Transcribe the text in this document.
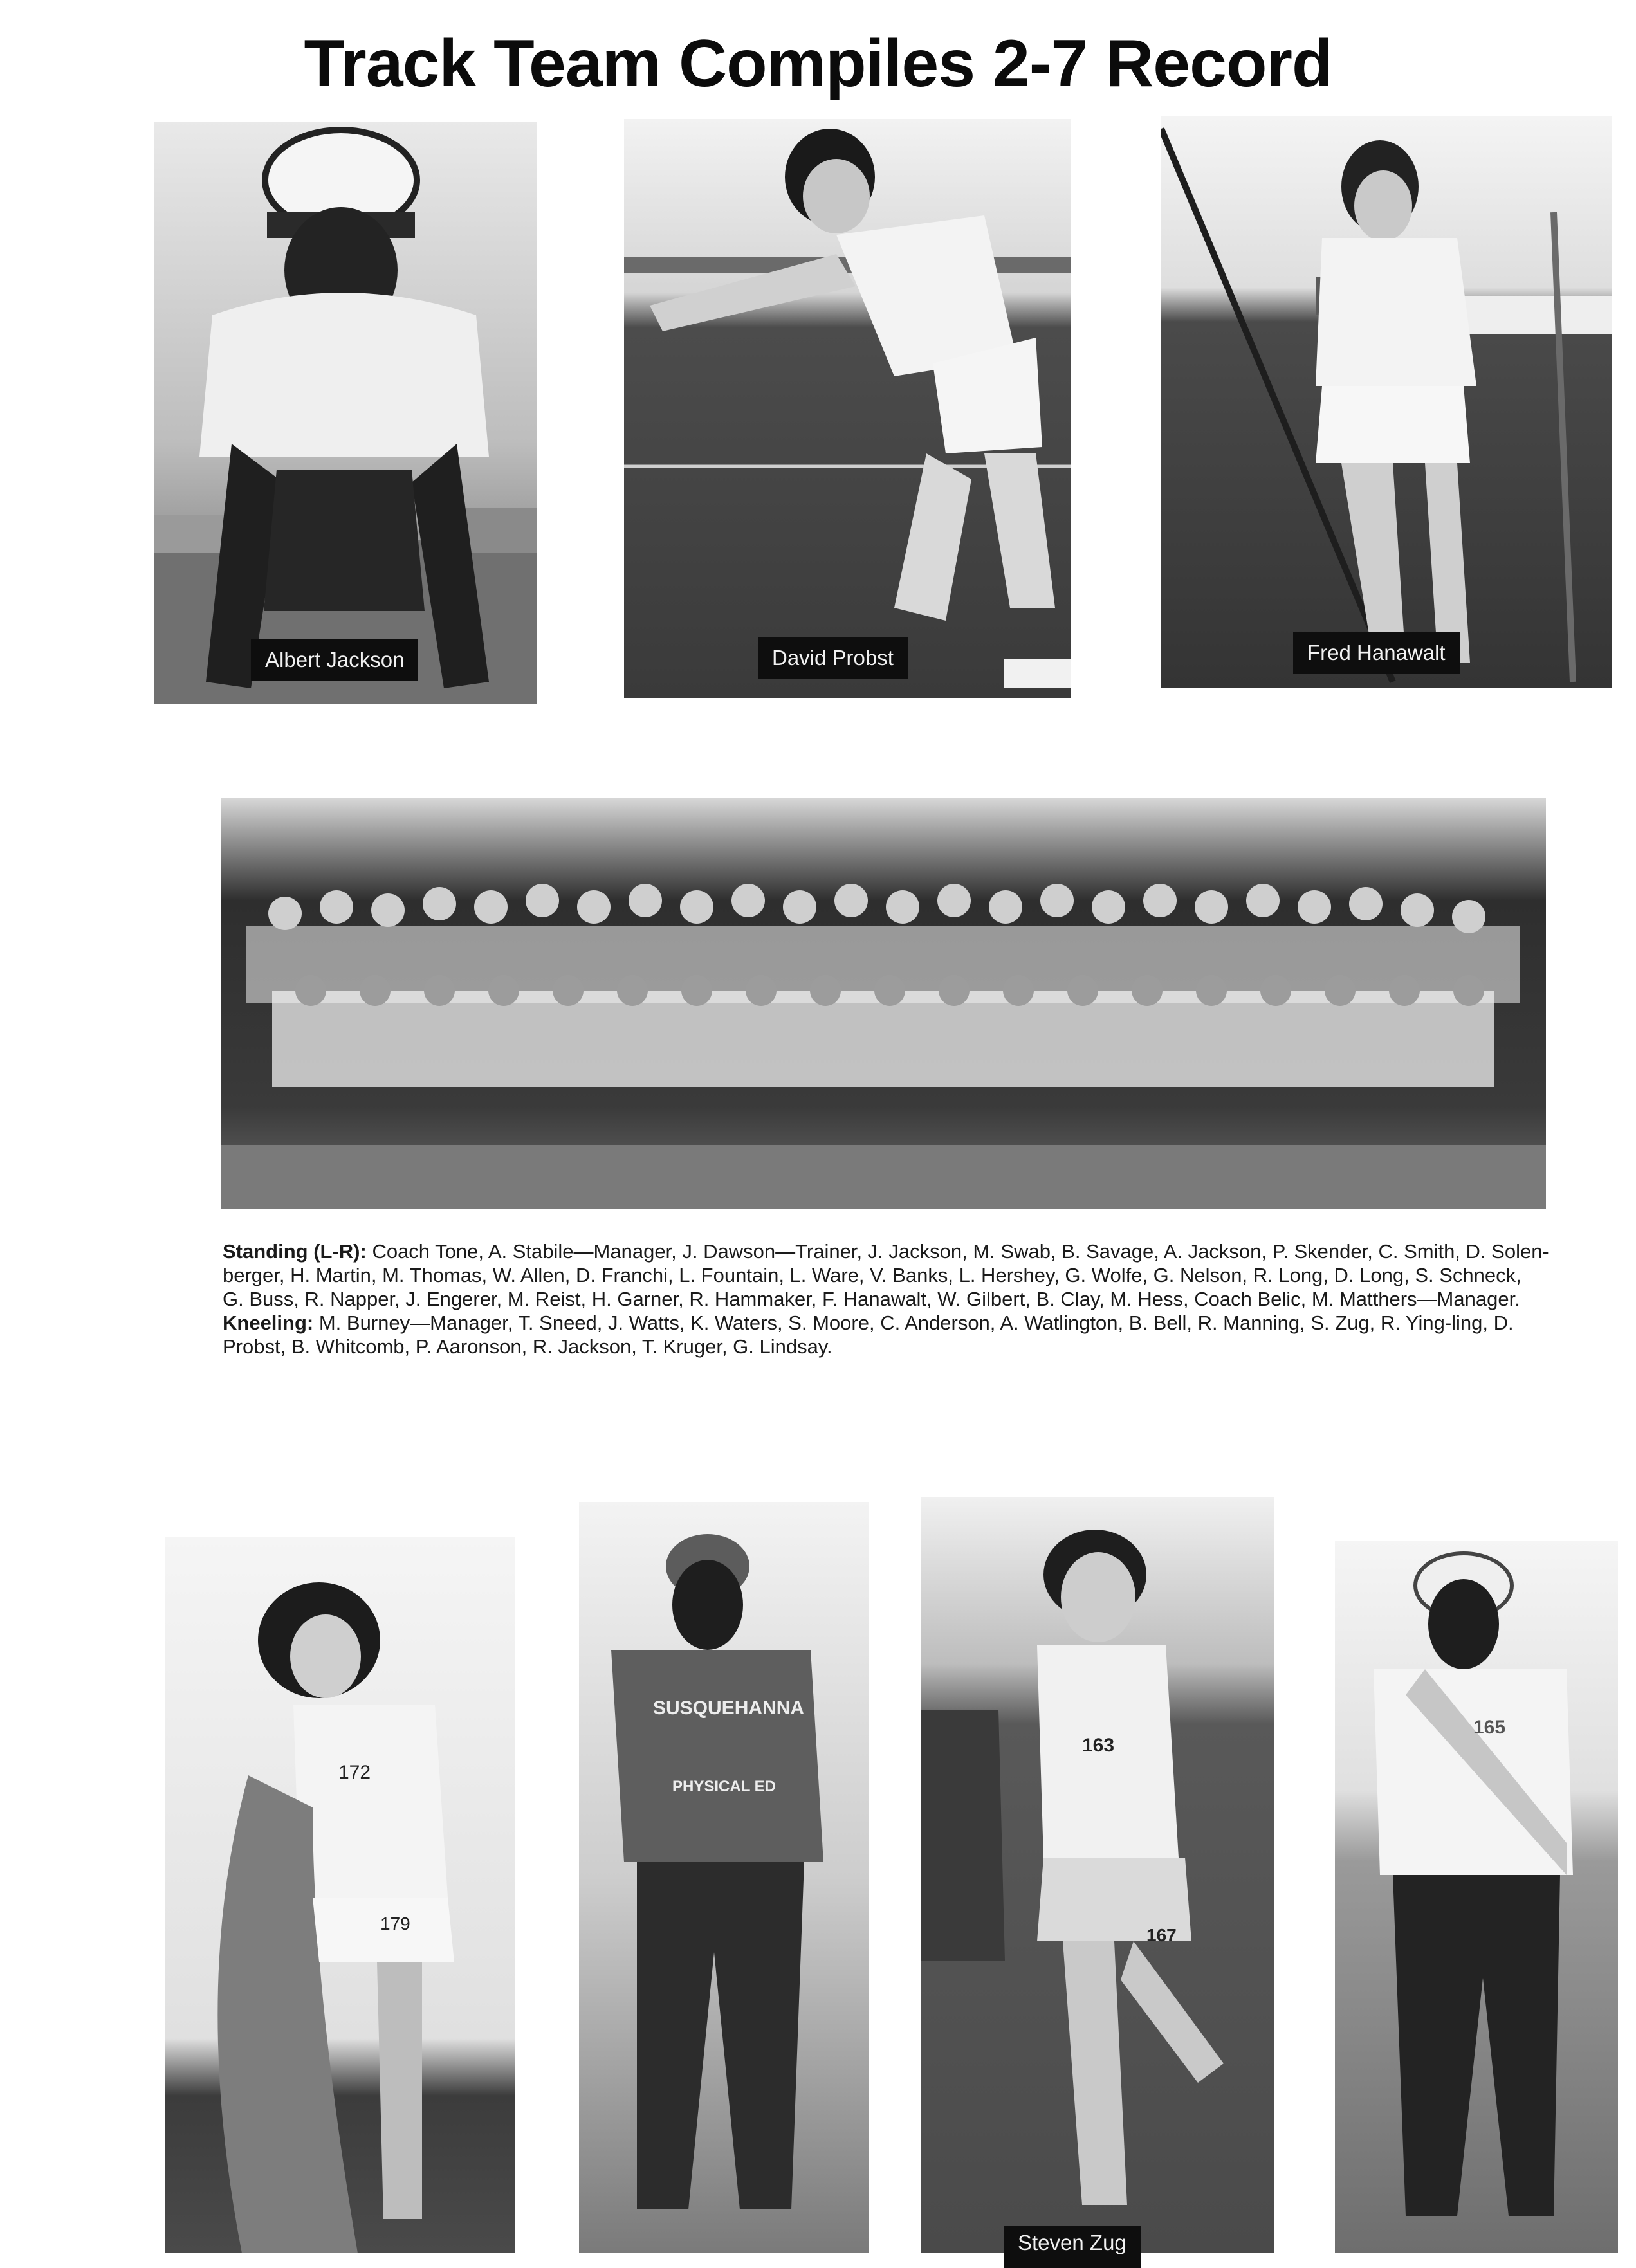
Track Team Compiles 2-7 Record
Albert Jackson	David Probst	Fred Hanawalt

Standing (L-R): Coach Tone, A. Stabile—Manager, J. Dawson—Trainer, J. Jackson, M. Swab, B. Savage, A. Jackson, P. Skender, C. Smith, D. Solen-

berger, H. Martin, M. Thomas, W. Allen, D. Franchi, L. Fountain, L. Ware, V. Banks, L. Hershey, G. Wolfe, G. Nelson, R. Long, D. Long, S. Schneck,

G. Buss, R. Napper, J. Engerer, M. Reist, H. Garner, R. Hammaker, F. Hanawalt, W. Gilbert, B. Clay, M. Hess, Coach Belic, M. Matthers—Manager.

Kneeling: M. Burney—Manager, T. Sneed, J. Watts, K. Waters, S. Moore, C. Anderson, A. Watlington, B. Bell, R. Manning, S. Zug, R. Ying-ling, D.

Probst, B. Whitcomb, P. Aaronson, R. Jackson, T. Kruger, G. Lindsay.

172
179
SUSQUEHANNA
PHYSICAL ED
163
167
Steven Zug
165
